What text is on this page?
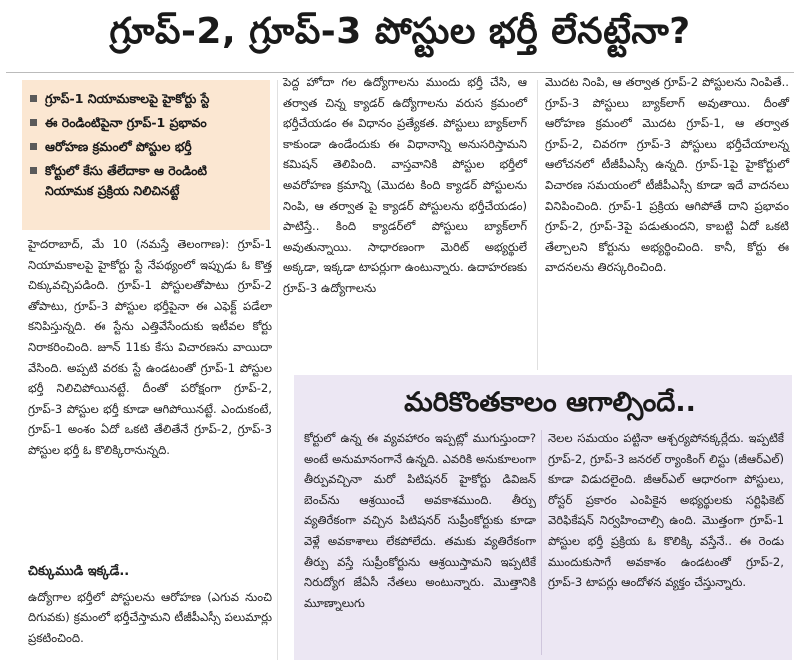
గ్రూప్-2, గ్రూప్-3 పోస్టుల భర్తీ లేనట్టేనా?
గ్రూప్-1 నియామకాలపై హైకోర్టు స్టే
ఈ రెండింటిపైనా గ్రూప్-1 ప్రభావం
ఆరోహణ క్రమంలో పోస్టుల భర్తీ
కోర్టులో కేసు తేలేదాకా ఆ రెండింటి
నియామక ప్రక్రియ నిలిచినట్టే

హైదరాబాద్, మే 10 (నమస్తే తెలంగాణ): గ్రూప్-1 నియామకాలపై హైకోర్టు స్టే నేపథ్యంలో ఇప్పుడు ఓ కొత్త చిక్కువచ్చిపడింది. గ్రూప్-1 పోస్టులతోపాటు గ్రూప్-2 తోపాటు, గ్రూప్-3 పోస్టుల భర్తీపైనా ఈ ఎఫెక్ట్ పడేలా కనిపిస్తున్నది. ఈ స్టేను ఎత్తివేసేందుకు ఇటీవల కోర్టు నిరాకరించింది. జూన్ 11కు కేసు విచారణను వాయిదా వేసింది. అప్పటి వరకు స్టే ఉండటంతో గ్రూప్-1 పోస్టుల భర్తీ నిలిచిపోయినట్టే. దీంతో పరోక్షంగా గ్రూప్-2, గ్రూప్-3 పోస్టుల భర్తీ కూడా ఆగిపోయినట్టే. ఎందుకంటే, గ్రూప్-1 అంశం ఏదో ఒకటి తేలితేనే గ్రూప్-2, గ్రూప్-3 పోస్టుల భర్తీ ఓ కొలిక్కిరానున్నది.

చిక్కుముడి ఇక్కడే..

ఉద్యోగాల భర్తీలో పోస్టులను ఆరోహణ (ఎగువ నుంచి దిగువకు) క్రమంలో భర్తీచేస్తామని టీజీపీఎస్సీ పలుమార్లు ప్రకటించింది.

పెద్ద హోదా గల ఉద్యోగాలను ముందు భర్తీ చేసి, ఆ తర్వాత చిన్న క్యాడర్ ఉద్యోగాలను వరుస క్రమంలో భర్తీచేయడం ఈ విధానం ప్రత్యేకత. పోస్టులు బ్యాక్‌లాగ్ కాకుండా ఉండేందుకు ఈ విధానాన్ని అనుసరిస్తామని కమిషన్ తెలిపింది. వాస్తవానికి పోస్టుల భర్తీలో అవరోహణ క్రమాన్ని (మొదట కింది క్యాడర్ పోస్టులను నింపి, ఆ తర్వాత పై క్యాడర్ పోస్టులను భర్తీచేయడం) పాటిస్తే.. కింది క్యాడర్‌లో పోస్టులు బ్యాక్‌లాగ్ అవుతున్నాయి. సాధారణంగా మెరిట్ అభ్యర్థులే అక్కడా, ఇక్కడా టాపర్లుగా ఉంటున్నారు. ఉదాహరణకు గ్రూప్-3 ఉద్యోగాలను

మొదట నింపి, ఆ తర్వాత గ్రూప్-2 పోస్టులను నింపితే.. గ్రూప్-3 పోస్టులు బ్యాక్‌లాగ్ అవుతాయి. దీంతో ఆరోహణ క్రమంలో మొదట గ్రూప్-1, ఆ తర్వాత గ్రూప్-2, చివరగా గ్రూప్-3 పోస్టులు భర్తీచేయాలన్న ఆలోచనలో టీజీపీఎస్సీ ఉన్నది. గ్రూప్-1పై హైకోర్టులో విచారణ సమయంలో టీజీపీఎస్సీ కూడా ఇదే వాదనలు వినిపించింది. గ్రూప్-1 ప్రక్రియ ఆగిపోతే దాని ప్రభావం గ్రూప్-2, గ్రూప్-3పై పడుతుందని, కాబట్టి ఏదో ఒకటి తేల్చాలని కోర్టును అభ్యర్థించింది. కానీ, కోర్టు ఈ వాదనలను తిరస్కరించింది.

మరికొంతకాలం ఆగాల్సిందే..

కోర్టులో ఉన్న ఈ వ్యవహారం ఇప్పట్లో ముగుస్తుందా? అంటే అనుమానంగానే ఉన్నది. ఎవరికి అనుకూలంగా తీర్పువచ్చినా మరో పిటిషనర్ హైకోర్టు డివిజన్ బెంచ్‌ను ఆశ్రయించే అవకాశముంది. తీర్పు వ్యతిరేకంగా వచ్చిన పిటిషనర్ సుప్రీంకోర్టుకు కూడా వెళ్లే అవకాశాలు లేకపోలేదు. తమకు వ్యతిరేకంగా తీర్పు వస్తే సుప్రీంకోర్టును ఆశ్రయిస్తామని ఇప్పటికే నిరుద్యోగ జేఏసీ నేతలు అంటున్నారు. మొత్తానికి మూణ్నాలుగు

నెలల సమయం పట్టినా ఆశ్చర్యపోనక్కర్లేదు. ఇప్పటికే గ్రూప్-2, గ్రూప్-3 జనరల్ ర్యాంకింగ్ లిస్టు (జీఆర్‌ఎల్) కూడా విడుదలైంది. జీఆర్‌ఎల్ ఆధారంగా పోస్టులు, రోస్టర్ ప్రకారం ఎంపికైన అభ్యర్థులకు సర్టిఫికెట్ వెరిఫికేషన్ నిర్వహించాల్సి ఉంది. మొత్తంగా గ్రూప్-1 పోస్టుల భర్తీ ప్రక్రియ ఓ కొలిక్కి వస్తేనే.. ఈ రెండు ముందుకుసాగే అవకాశం ఉండటంతో గ్రూప్-2, గ్రూప్-3 టాపర్లు ఆందోళన వ్యక్తం చేస్తున్నారు.
